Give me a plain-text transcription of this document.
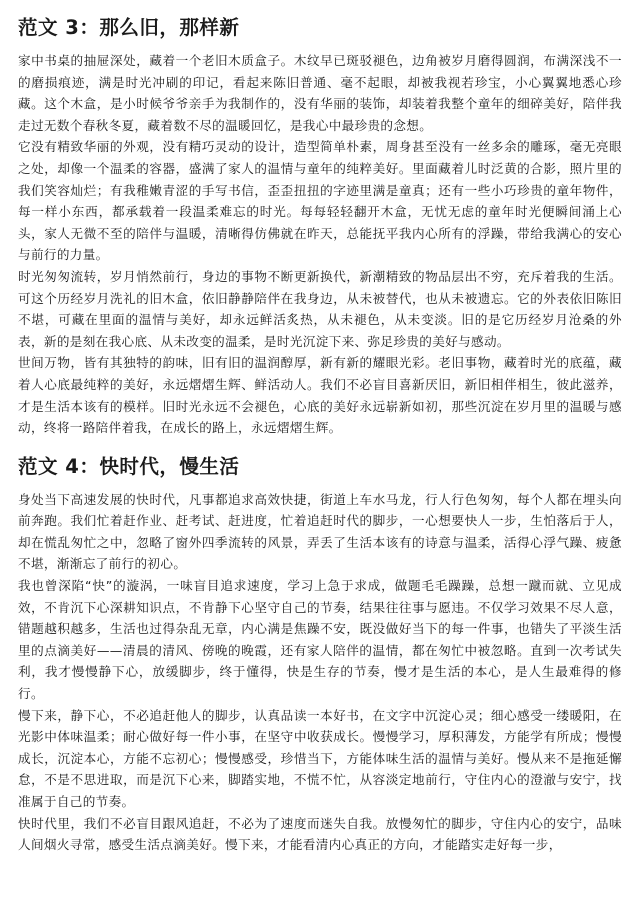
范文 3：那么旧，那样新

家中书桌的抽屉深处，藏着一个老旧木质盒子。木纹早已斑驳褪色，边角被岁月磨得圆润，布满深浅不一的磨损痕迹，满是时光冲刷的印记，看起来陈旧普通、毫不起眼，却被我视若珍宝，小心翼翼地悉心珍藏。这个木盒，是小时候爷爷亲手为我制作的，没有华丽的装饰，却装着我整个童年的细碎美好，陪伴我走过无数个春秋冬夏，藏着数不尽的温暖回忆，是我心中最珍贵的念想。

它没有精致华丽的外观，没有精巧灵动的设计，造型简单朴素，周身甚至没有一丝多余的雕琢，毫无亮眼之处，却像一个温柔的容器，盛满了家人的温情与童年的纯粹美好。里面藏着儿时泛黄的合影，照片里的我们笑容灿烂；有我稚嫩青涩的手写书信，歪歪扭扭的字迹里满是童真；还有一些小巧珍贵的童年物件，每一样小东西，都承载着一段温柔难忘的时光。每每轻轻翻开木盒，无忧无虑的童年时光便瞬间涌上心头，家人无微不至的陪伴与温暖，清晰得仿佛就在昨天，总能抚平我内心所有的浮躁，带给我满心的安心与前行的力量。

时光匆匆流转，岁月悄然前行，身边的事物不断更新换代，新潮精致的物品层出不穷，充斥着我的生活。可这个历经岁月洗礼的旧木盒，依旧静静陪伴在我身边，从未被替代，也从未被遗忘。它的外表依旧陈旧不堪，可藏在里面的温情与美好，却永远鲜活炙热，从未褪色，从未变淡。旧的是它历经岁月沧桑的外表，新的是刻在我心底、从未改变的温柔，是时光沉淀下来、弥足珍贵的美好与感动。

世间万物，皆有其独特的韵味，旧有旧的温润醇厚，新有新的耀眼光彩。老旧事物，藏着时光的底蕴，藏着人心底最纯粹的美好，永远熠熠生辉、鲜活动人。我们不必盲目喜新厌旧，新旧相伴相生，彼此滋养，才是生活本该有的模样。旧时光永远不会褪色，心底的美好永远崭新如初，那些沉淀在岁月里的温暖与感动，终将一路陪伴着我，在成长的路上，永远熠熠生辉。

范文 4：快时代，慢生活

身处当下高速发展的快时代，凡事都追求高效快捷，街道上车水马龙，行人行色匆匆，每个人都在埋头向前奔跑。我们忙着赶作业、赶考试、赶进度，忙着追赶时代的脚步，一心想要快人一步，生怕落后于人，却在慌乱匆忙之中，忽略了窗外四季流转的风景，弄丢了生活本该有的诗意与温柔，活得心浮气躁、疲惫不堪，渐渐忘了前行的初心。

我也曾深陷“快”的漩涡，一味盲目追求速度，学习上急于求成，做题毛毛躁躁，总想一蹴而就、立见成效，不肯沉下心深耕知识点，不肯静下心坚守自己的节奏，结果往往事与愿违。不仅学习效果不尽人意，错题越积越多，生活也过得杂乱无章，内心满是焦躁不安，既没做好当下的每一件事，也错失了平淡生活里的点滴美好——清晨的清风、傍晚的晚霞，还有家人陪伴的温情，都在匆忙中被忽略。直到一次考试失利，我才慢慢静下心，放缓脚步，终于懂得，快是生存的节奏，慢才是生活的本心，是人生最难得的修行。

慢下来，静下心，不必追赶他人的脚步，认真品读一本好书，在文字中沉淀心灵；细心感受一缕暖阳，在光影中体味温柔；耐心做好每一件小事，在坚守中收获成长。慢慢学习，厚积薄发，方能学有所成；慢慢成长，沉淀本心，方能不忘初心；慢慢感受，珍惜当下，方能体味生活的温情与美好。慢从来不是拖延懈怠，不是不思进取，而是沉下心来，脚踏实地，不慌不忙，从容淡定地前行，守住内心的澄澈与安宁，找准属于自己的节奏。

快时代里，我们不必盲目跟风追赶，不必为了速度而迷失自我。放慢匆忙的脚步，守住内心的安宁，品味人间烟火寻常，感受生活点滴美好。慢下来，才能看清内心真正的方向，才能踏实走好每一步，
